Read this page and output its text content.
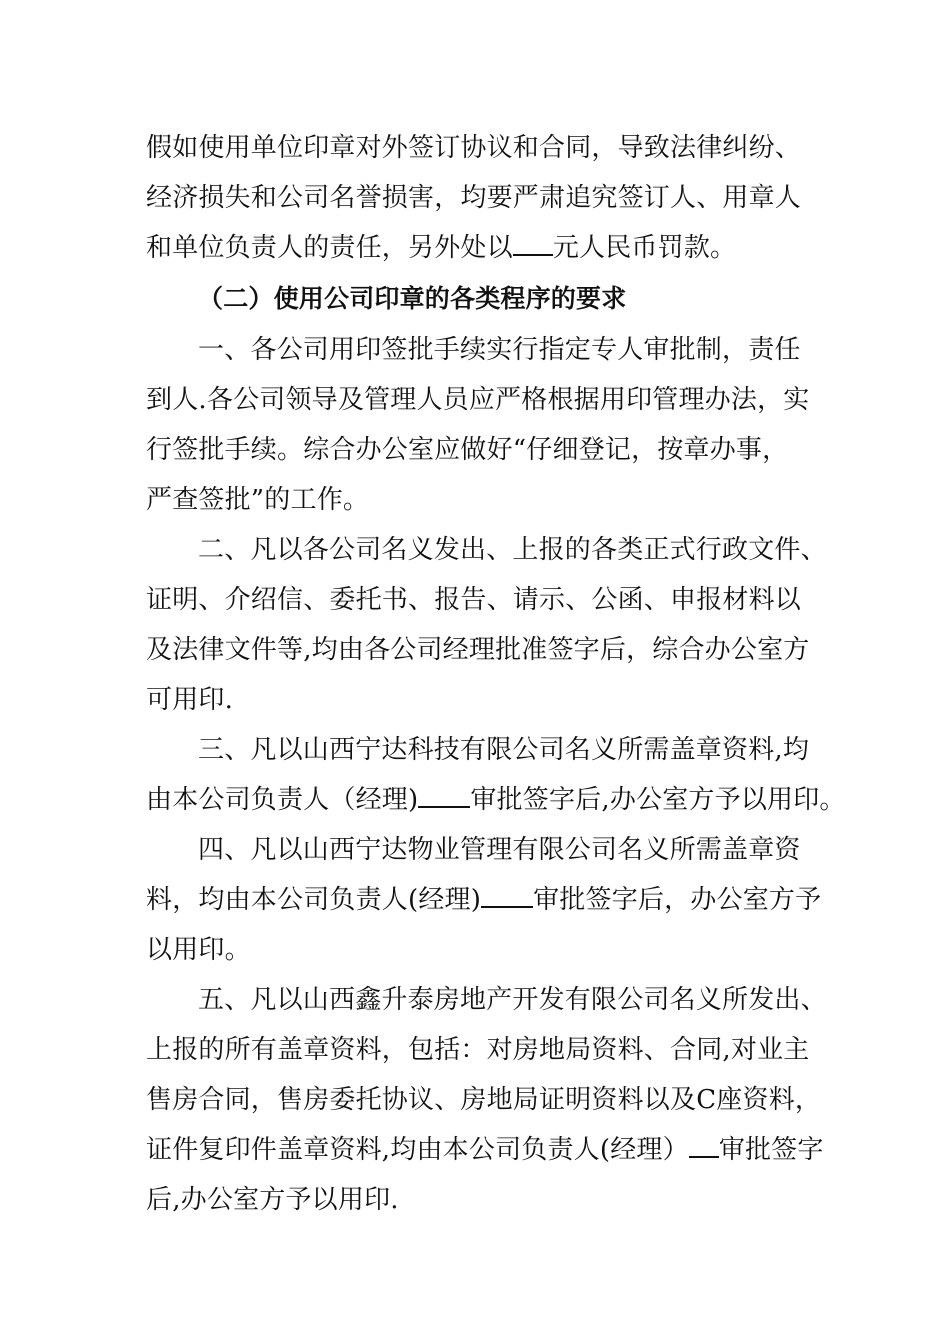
假如使用单位印章对外签订协议和合同，导致法律纠纷、
经济损失和公司名誉损害，均要严肃追究签订人、用章人
和单位负责人的责任，另外处以 元人民币罚款。
（二）使用公司印章的各类程序的要求
一、各公司用印签批手续实行指定专人审批制，责任
到人.各公司领导及管理人员应严格根据用印管理办法，实
行签批手续。综合办公室应做好“仔细登记，按章办事，
严查签批”的工作。
二、凡以各公司名义发出、上报的各类正式行政文件、
证明、介绍信、委托书、报告、请示、公函、申报材料以
及法律文件等,均由各公司经理批准签字后，综合办公室方
可用印.
三、凡以山西宁达科技有限公司名义所需盖章资料,均
由本公司负责人（经理) 审批签字后,办公室方予以用印。
四、凡以山西宁达物业管理有限公司名义所需盖章资
料，均由本公司负责人(经理) 审批签字后，办公室方予
以用印。
五、凡以山西鑫升泰房地产开发有限公司名义所发出、
上报的所有盖章资料，包括：对房地局资料、合同,对业主
售房合同，售房委托协议、房地局证明资料以及C座资料，
证件复印件盖章资料,均由本公司负责人(经理） 审批签字
后,办公室方予以用印.
